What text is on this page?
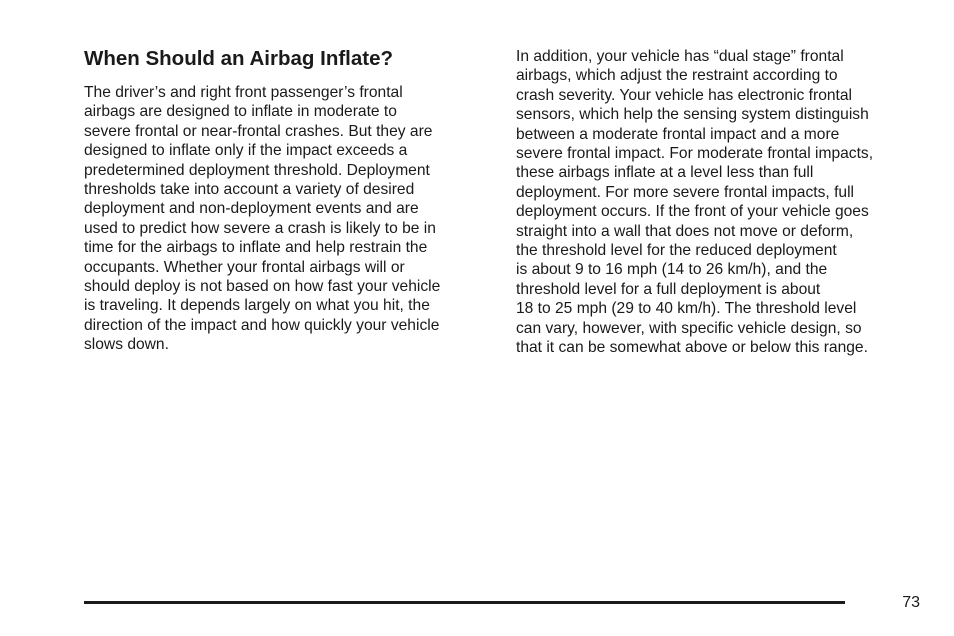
When Should an Airbag Inflate?
The driver’s and right front passenger’s frontal
airbags are designed to inflate in moderate to
severe frontal or near-frontal crashes. But they are
designed to inflate only if the impact exceeds a
predetermined deployment threshold. Deployment
thresholds take into account a variety of desired
deployment and non-deployment events and are
used to predict how severe a crash is likely to be in
time for the airbags to inflate and help restrain the
occupants. Whether your frontal airbags will or
should deploy is not based on how fast your vehicle
is traveling. It depends largely on what you hit, the
direction of the impact and how quickly your vehicle
slows down.
In addition, your vehicle has “dual stage” frontal
airbags, which adjust the restraint according to
crash severity. Your vehicle has electronic frontal
sensors, which help the sensing system distinguish
between a moderate frontal impact and a more
severe frontal impact. For moderate frontal impacts,
these airbags inflate at a level less than full
deployment. For more severe frontal impacts, full
deployment occurs. If the front of your vehicle goes
straight into a wall that does not move or deform,
the threshold level for the reduced deployment
is about 9 to 16 mph (14 to 26 km/h), and the
threshold level for a full deployment is about
18 to 25 mph (29 to 40 km/h). The threshold level
can vary, however, with specific vehicle design, so
that it can be somewhat above or below this range.
73
